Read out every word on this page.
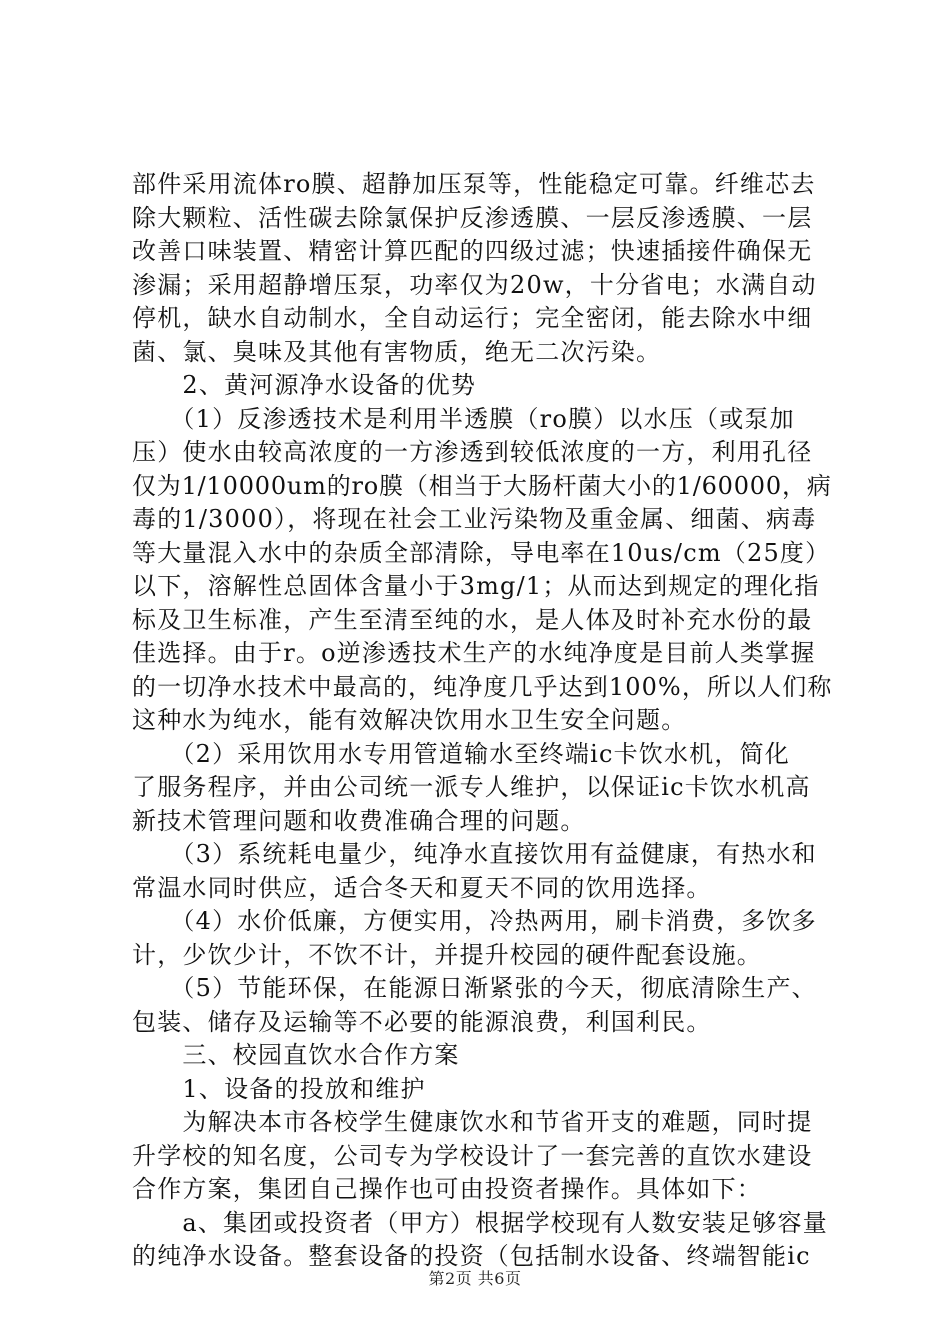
部件采用流体ro膜、超静加压泵等，性能稳定可靠。纤维芯去
除大颗粒、活性碳去除氯保护反渗透膜、一层反渗透膜、一层
改善口味装置、精密计算匹配的四级过滤；快速插接件确保无
渗漏；采用超静增压泵，功率仅为20w，十分省电；水满自动
停机，缺水自动制水，全自动运行；完全密闭，能去除水中细
菌、氯、臭味及其他有害物质，绝无二次污染。
　　2、黄河源净水设备的优势
　　（1）反渗透技术是利用半透膜（ro膜）以水压（或泵加
压）使水由较高浓度的一方渗透到较低浓度的一方，利用孔径
仅为1/10000um的ro膜（相当于大肠杆菌大小的1/60000，病
毒的1/3000），将现在社会工业污染物及重金属、细菌、病毒
等大量混入水中的杂质全部清除，导电率在10us/cm（25度）
以下，溶解性总固体含量小于3mg/1；从而达到规定的理化指
标及卫生标准，产生至清至纯的水，是人体及时补充水份的最
佳选择。由于r。o逆渗透技术生产的水纯净度是目前人类掌握
的一切净水技术中最高的，纯净度几乎达到100%，所以人们称
这种水为纯水，能有效解决饮用水卫生安全问题。
　　（2）采用饮用水专用管道输水至终端ic卡饮水机，简化
了服务程序，并由公司统一派专人维护，以保证ic卡饮水机高
新技术管理问题和收费准确合理的问题。
　　（3）系统耗电量少，纯净水直接饮用有益健康，有热水和
常温水同时供应，适合冬天和夏天不同的饮用选择。
　　（4）水价低廉，方便实用，冷热两用，刷卡消费，多饮多
计，少饮少计，不饮不计，并提升校园的硬件配套设施。
　　（5）节能环保，在能源日渐紧张的今天，彻底清除生产、
包装、储存及运输等不必要的能源浪费，利国利民。
　　三、校园直饮水合作方案
　　1、设备的投放和维护
　　为解决本市各校学生健康饮水和节省开支的难题，同时提
升学校的知名度，公司专为学校设计了一套完善的直饮水建设
合作方案，集团自己操作也可由投资者操作。具体如下：
　　a、集团或投资者（甲方）根据学校现有人数安装足够容量
的纯净水设备。整套设备的投资（包括制水设备、终端智能ic
第2页 共6页
